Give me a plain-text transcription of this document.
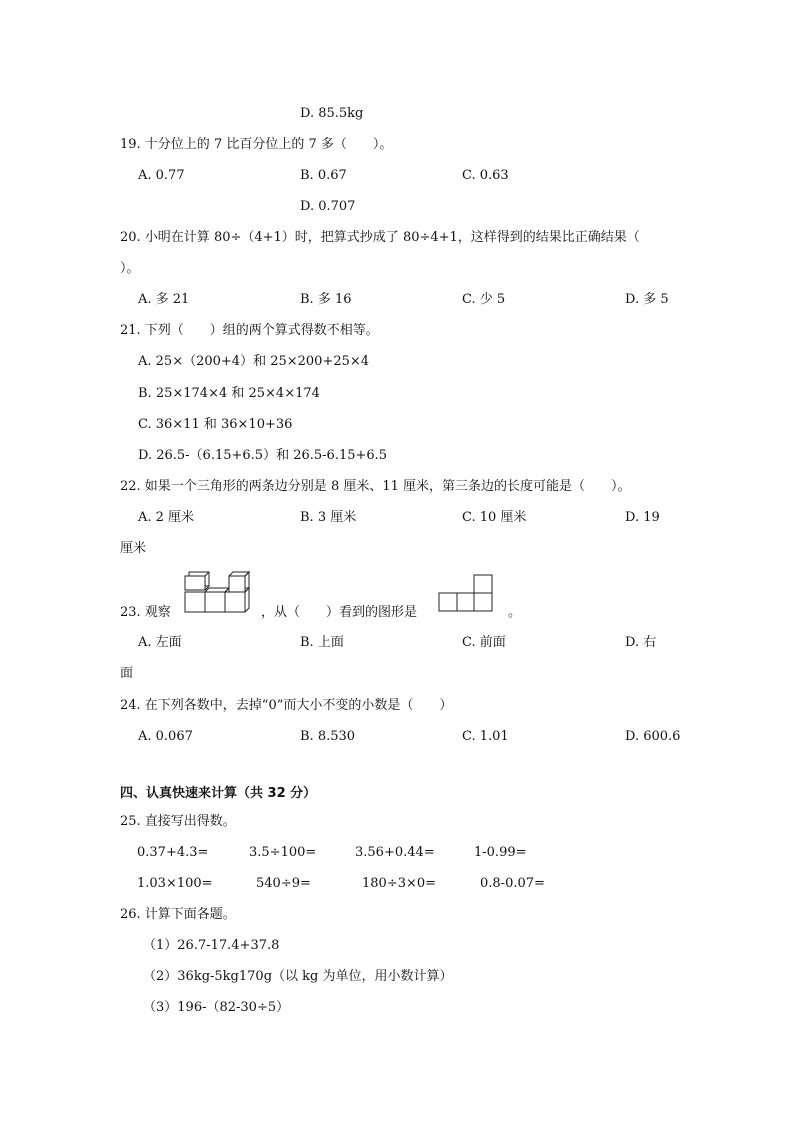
D. 85.5kg
19. 十分位上的 7 比百分位上的 7 多（　　）。
A. 0.77	B. 0.67	C. 0.63
D. 0.707
20. 小明在计算 80÷（4+1）时，把算式抄成了 80÷4+1，这样得到的结果比正确结果（
）。
A. 多 21	B. 多 16	C. 少 5	D. 多 5
21. 下列（　　）组的两个算式得数不相等。
A. 25×（200+4）和 25×200+25×4
B. 25×174×4 和 25×4×174
C. 36×11 和 36×10+36
D. 26.5-（6.15+6.5）和 26.5-6.15+6.5
22. 如果一个三角形的两条边分别是 8 厘米、11 厘米，第三条边的长度可能是（　　）。
A. 2 厘米	B. 3 厘米	C. 10 厘米	D. 19
厘米
23. 观察	，从（　　）看到的图形是	。
A. 左面	B. 上面	C. 前面	D. 右
面
24. 在下列各数中，去掉“0”而大小不变的小数是（　　）
A. 0.067	B. 8.530	C. 1.01	D. 600.6
四、认真快速来计算（共 32 分）
25. 直接写出得数。
0.37+4.3=	3.5÷100=	3.56+0.44=	1-0.99=
1.03×100=	540÷9=	180÷3×0=	0.8-0.07=
26. 计算下面各题。
（1）26.7-17.4+37.8
（2）36kg-5kg170g（以 kg 为单位，用小数计算）
（3）196-（82-30÷5）
